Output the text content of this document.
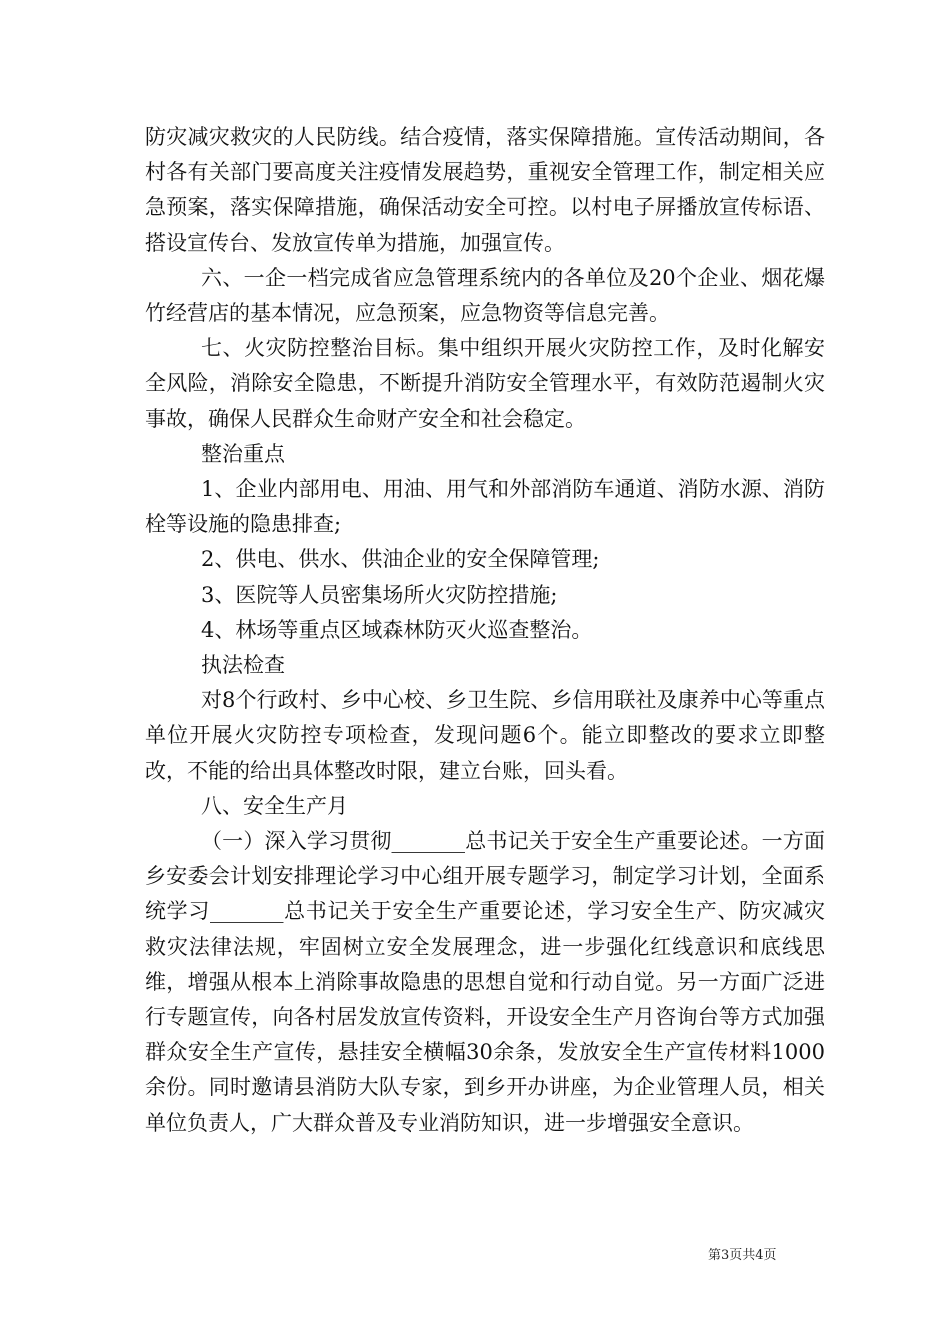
防灾减灾救灾的人民防线。结合疫情，落实保障措施。宣传活动期间，各村各有关部门要高度关注疫情发展趋势，重视安全管理工作，制定相关应急预案，落实保障措施，确保活动安全可控。以村电子屏播放宣传标语、搭设宣传台、发放宣传单为措施，加强宣传。

六、一企一档完成省应急管理系统内的各单位及20个企业、烟花爆竹经营店的基本情况，应急预案，应急物资等信息完善。

七、火灾防控整治目标。集中组织开展火灾防控工作，及时化解安全风险，消除安全隐患，不断提升消防安全管理水平，有效防范遏制火灾事故，确保人民群众生命财产安全和社会稳定。

整治重点

1、企业内部用电、用油、用气和外部消防车通道、消防水源、消防栓等设施的隐患排查;

2、供电、供水、供油企业的安全保障管理;

3、医院等人员密集场所火灾防控措施;

4、林场等重点区域森林防灭火巡查整治。

执法检查

对8个行政村、乡中心校、乡卫生院、乡信用联社及康养中心等重点单位开展火灾防控专项检查，发现问题6个。能立即整改的要求立即整改，不能的给出具体整改时限，建立台账，回头看。

八、安全生产月

（一）深入学习贯彻_______总书记关于安全生产重要论述。一方面乡安委会计划安排理论学习中心组开展专题学习，制定学习计划，全面系统学习_______总书记关于安全生产重要论述，学习安全生产、防灾减灾救灾法律法规，牢固树立安全发展理念，进一步强化红线意识和底线思维，增强从根本上消除事故隐患的思想自觉和行动自觉。另一方面广泛进行专题宣传，向各村居发放宣传资料，开设安全生产月咨询台等方式加强群众安全生产宣传，悬挂安全横幅30余条，发放安全生产宣传材料1000余份。同时邀请县消防大队专家，到乡开办讲座，为企业管理人员，相关单位负责人，广大群众普及专业消防知识，进一步增强安全意识。

第3页共4页
